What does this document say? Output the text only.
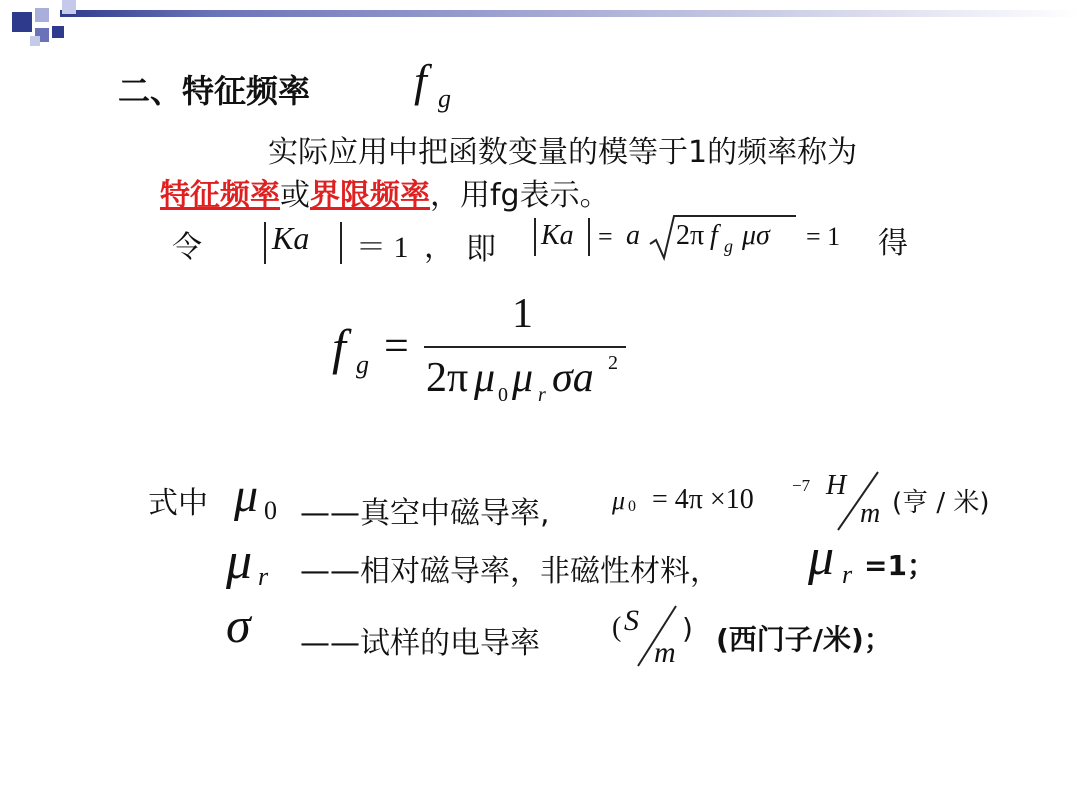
二、特征频率 f g
实际应用中把函数变量的模等于1的频率称为
特征频率或界限频率，用fg表示。
令 Ka ＝ 1 ， 即 Ka = a 2π f g μσ = 1 得
f g =
1
2π μ 0 μ r σa 2
式中 μ 0 ——真空中磁导率, μ 0 = 4π ×10 −7 H
m (亨 / 米)
μ r ——相对磁导率，非磁性材料， μ r =1；
σ ——试样的电导率	( S
m
) (西门子/米)；
